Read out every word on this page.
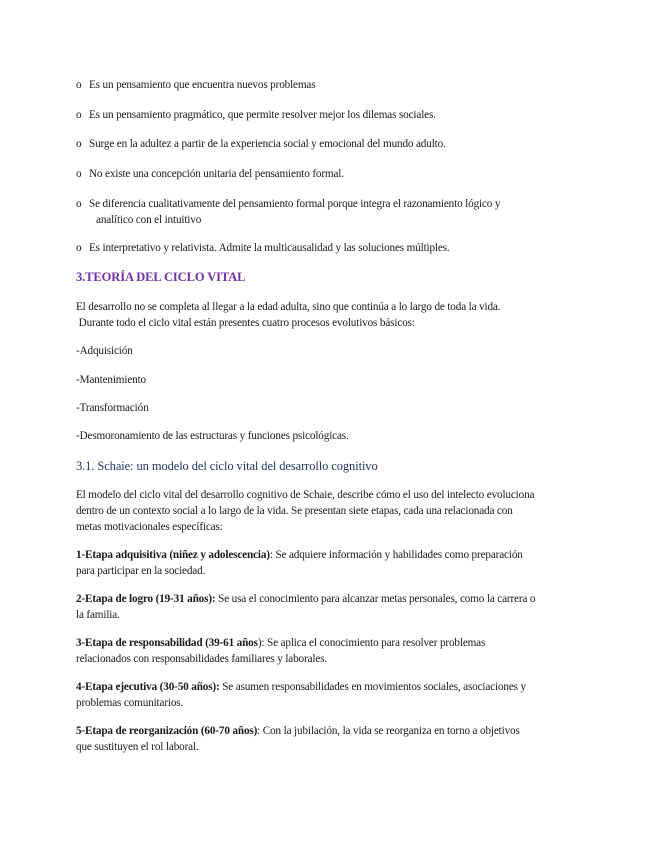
o Es un pensamiento que encuentra nuevos problemas
o Es un pensamiento pragmático, que permite resolver mejor los dilemas sociales.
o Surge en la adultez a partir de la experiencia social y emocional del mundo adulto.
o No existe una concepción unitaria del pensamiento formal.
o Se diferencia cualitativamente del pensamiento formal porque integra el razonamiento lógico y
analítico con el intuitivo
o Es interpretativo y relativista. Admite la multicausalidad y las soluciones múltiples.
3.TEORÍA DEL CICLO VITAL

El desarrollo no se completa al llegar a la edad adulta, sino que continúa a lo largo de toda la vida.

Durante todo el ciclo vital están presentes cuatro procesos evolutivos básicos:

-Adquisición
-Mantenimiento
-Transformación
-Desmoronamiento de las estructuras y funciones psicológicas.
3.1. Schaie: un modelo del ciclo vital del desarrollo cognitivo

El modelo del ciclo vital del desarrollo cognitivo de Schaie, describe cómo el uso del intelecto evoluciona

dentro de un contexto social a lo largo de la vida. Se presentan siete etapas, cada una relacionada con

metas motivacionales específicas:

1-Etapa adquisitiva (niñez y adolescencia): Se adquiere información y habilidades como preparación

para participar en la sociedad.

2-Etapa de logro (19-31 años): Se usa el conocimiento para alcanzar metas personales, como la carrera o

la familia.

3-Etapa de responsabilidad (39-61 años): Se aplica el conocimiento para resolver problemas

relacionados con responsabilidades familiares y laborales.

4-Etapa ejecutiva (30-50 años): Se asumen responsabilidades en movimientos sociales, asociaciones y

problemas comunitarios.

5-Etapa de reorganización (60-70 años): Con la jubilación, la vida se reorganiza en torno a objetivos

que sustituyen el rol laboral.
